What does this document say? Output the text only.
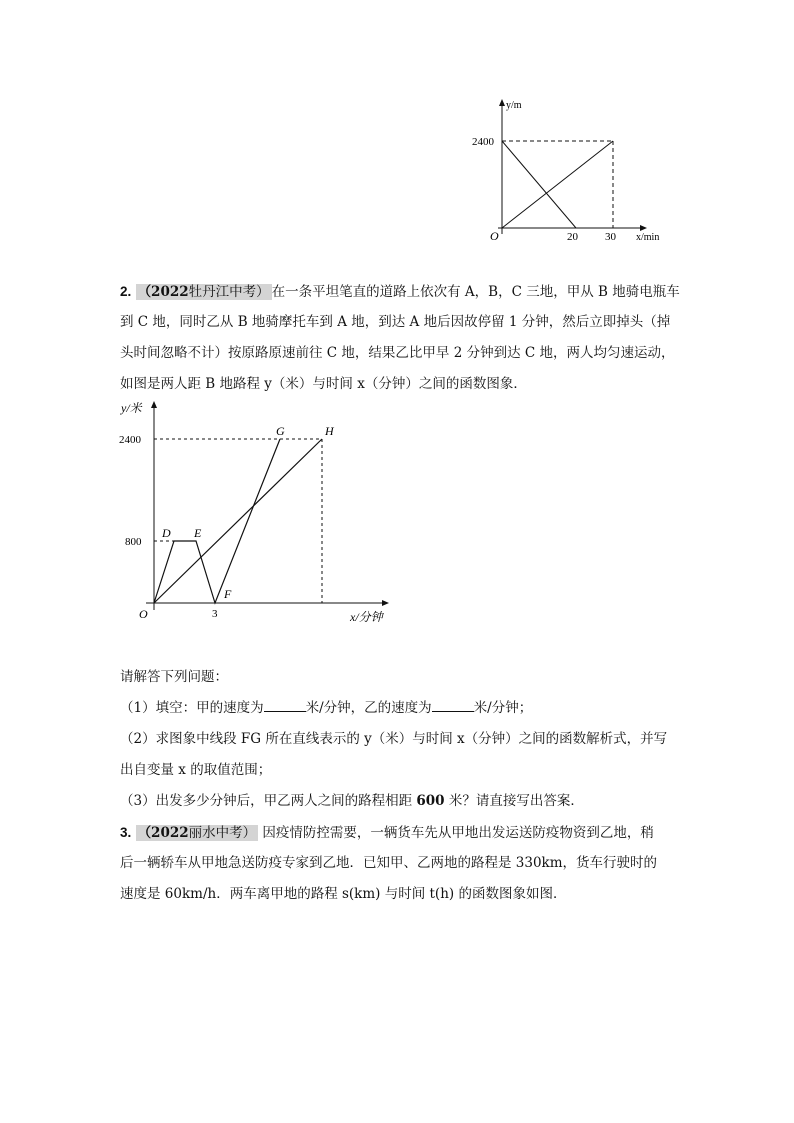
y/m
x/min
O
2400
20 30
2. （2022牡丹江中考） 在一条平坦笔直的道路上依次有 A，B，C 三地，甲从 B 地骑电瓶车
到 C 地，同时乙从 B 地骑摩托车到 A 地，到达 A 地后因故停留 1 分钟，然后立即掉头（掉
头时间忽略不计）按原路原速前往 C 地，结果乙比甲早 2 分钟到达 C 地，两人均匀速运动，
如图是两人距 B 地路程 y（米）与时间 x（分钟）之间的函数图象．
y/米
x/分钟
O
2400
800
3
D E
F
G	H
请解答下列问题：
（1）填空：甲的速度为	米/分钟，乙的速度为	米/分钟；
（2）求图象中线段 FG 所在直线表示的 y（米）与时间 x（分钟）之间的函数解析式，并写
出自变量 x 的取值范围；
（3）出发多少分钟后，甲乙两人之间的路程相距 600 米？请直接写出答案．
3. （2022丽水中考） 因疫情防控需要，一辆货车先从甲地出发运送防疫物资到乙地，稍
后一辆轿车从甲地急送防疫专家到乙地．已知甲、乙两地的路程是 330km，货车行驶时的
速度是 60km/h．两车离甲地的路程 s(km) 与时间 t(h) 的函数图象如图．
